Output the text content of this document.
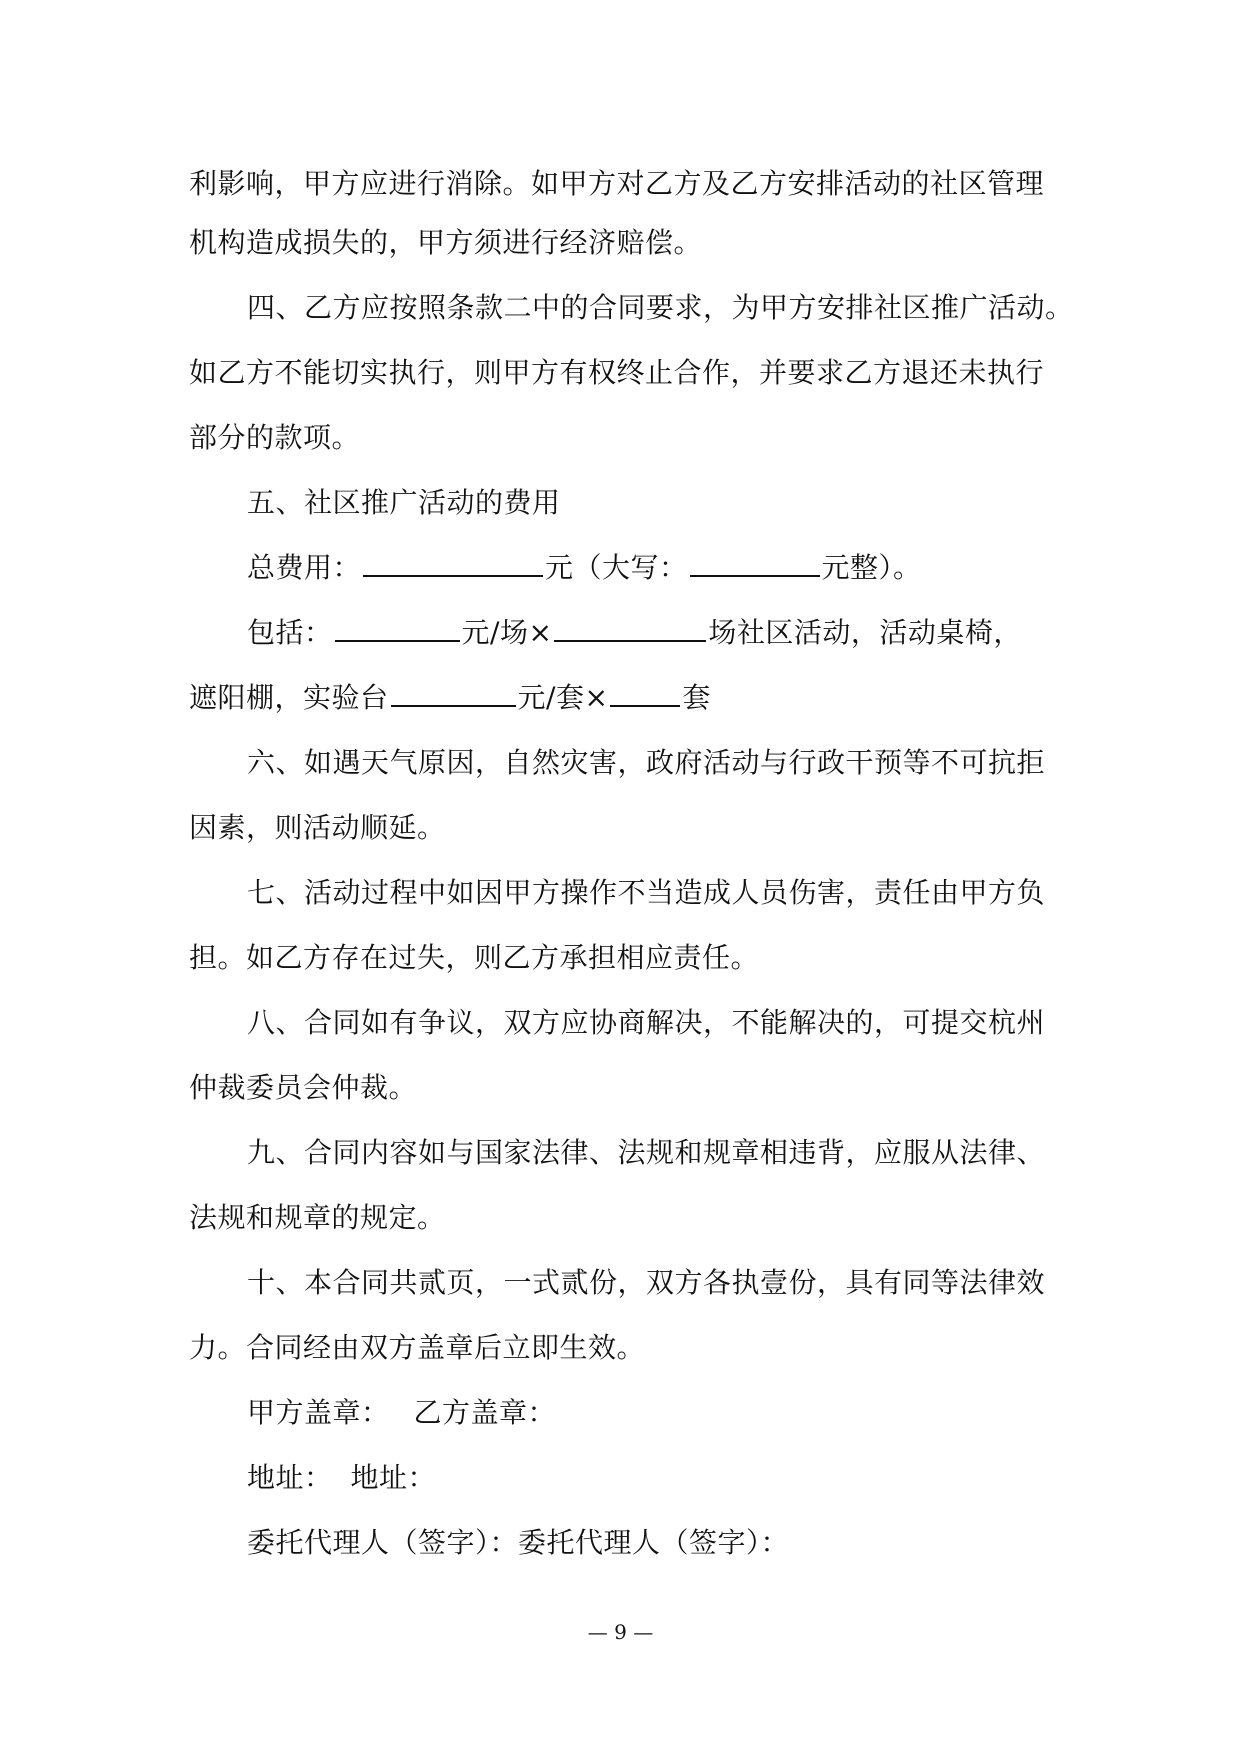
利影响，甲方应进行消除。如甲方对乙方及乙方安排活动的社区管理
机构造成损失的，甲方须进行经济赔偿。
四、乙方应按照条款二中的合同要求，为甲方安排社区推广活动。
如乙方不能切实执行，则甲方有权终止合作，并要求乙方退还未执行
部分的款项。
五、社区推广活动的费用
总费用：	元（大写：	元整）。
包括：	元/场×	场社区活动，活动桌椅，
遮阳棚，实验台	元/套×	套
六、如遇天气原因，自然灾害，政府活动与行政干预等不可抗拒
因素，则活动顺延。
七、活动过程中如因甲方操作不当造成人员伤害，责任由甲方负
担。如乙方存在过失，则乙方承担相应责任。
八、合同如有争议，双方应协商解决，不能解决的，可提交杭州
仲裁委员会仲裁。
九、合同内容如与国家法律、法规和规章相违背，应服从法律、
法规和规章的规定。
十、本合同共贰页，一式贰份，双方各执壹份，具有同等法律效
力。合同经由双方盖章后立即生效。
甲方盖章： 乙方盖章：
地址： 地址：
委托代理人（签字）：委托代理人（签字）：
— 9 —
